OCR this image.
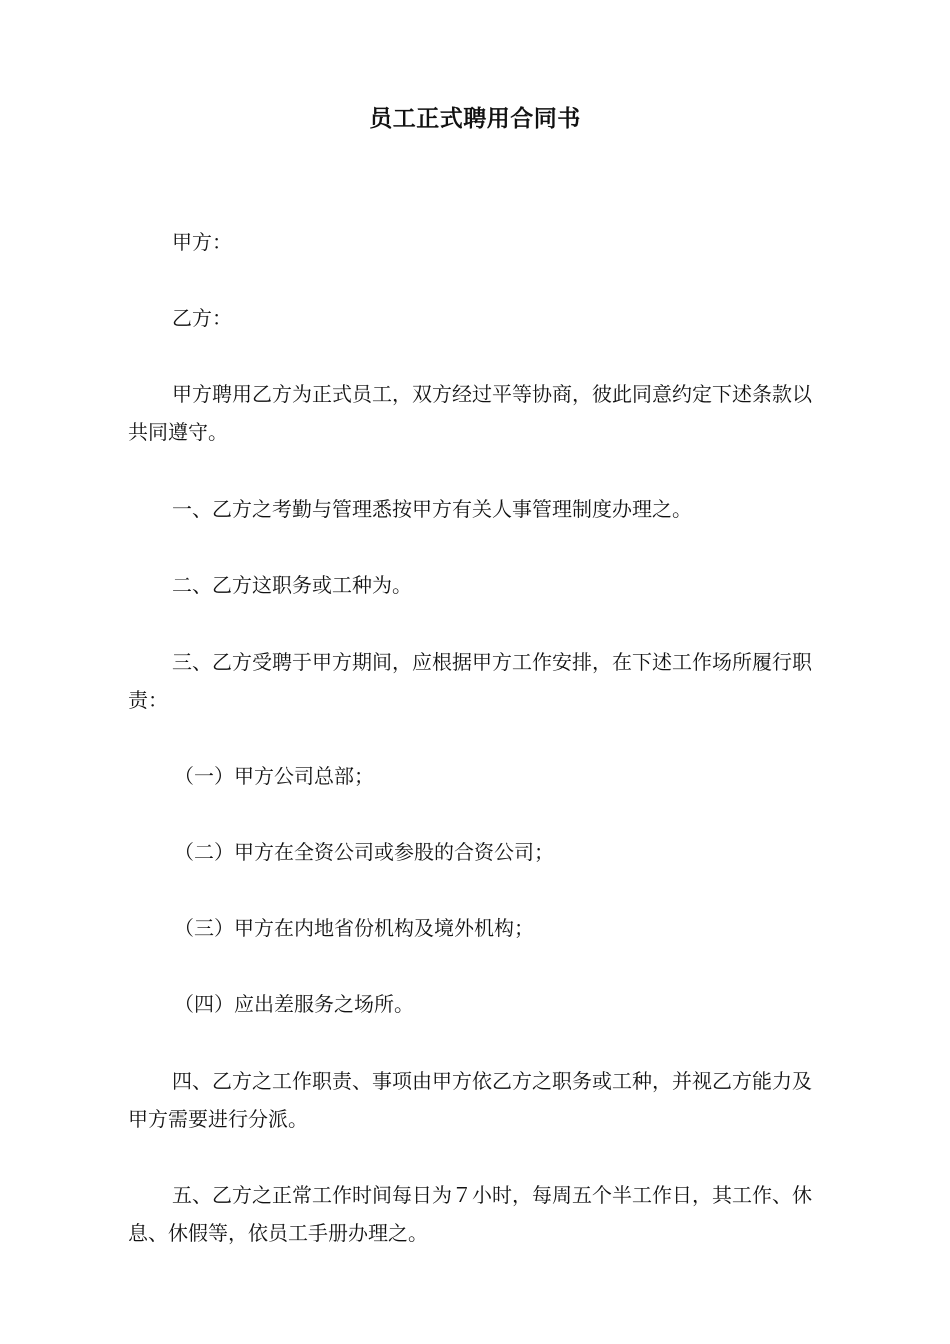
员工正式聘用合同书

甲方：

乙方：

甲方聘用乙方为正式员工，双方经过平等协商，彼此同意约定下述条款以共同遵守。

一、乙方之考勤与管理悉按甲方有关人事管理制度办理之。

二、乙方这职务或工种为。

三、乙方受聘于甲方期间，应根据甲方工作安排，在下述工作场所履行职责：

（一）甲方公司总部；

（二）甲方在全资公司或参股的合资公司；

（三）甲方在内地省份机构及境外机构；

（四）应出差服务之场所。

四、乙方之工作职责、事项由甲方依乙方之职务或工种，并视乙方能力及甲方需要进行分派。

五、乙方之正常工作时间每日为７小时，每周五个半工作日，其工作、休息、休假等，依员工手册办理之。
